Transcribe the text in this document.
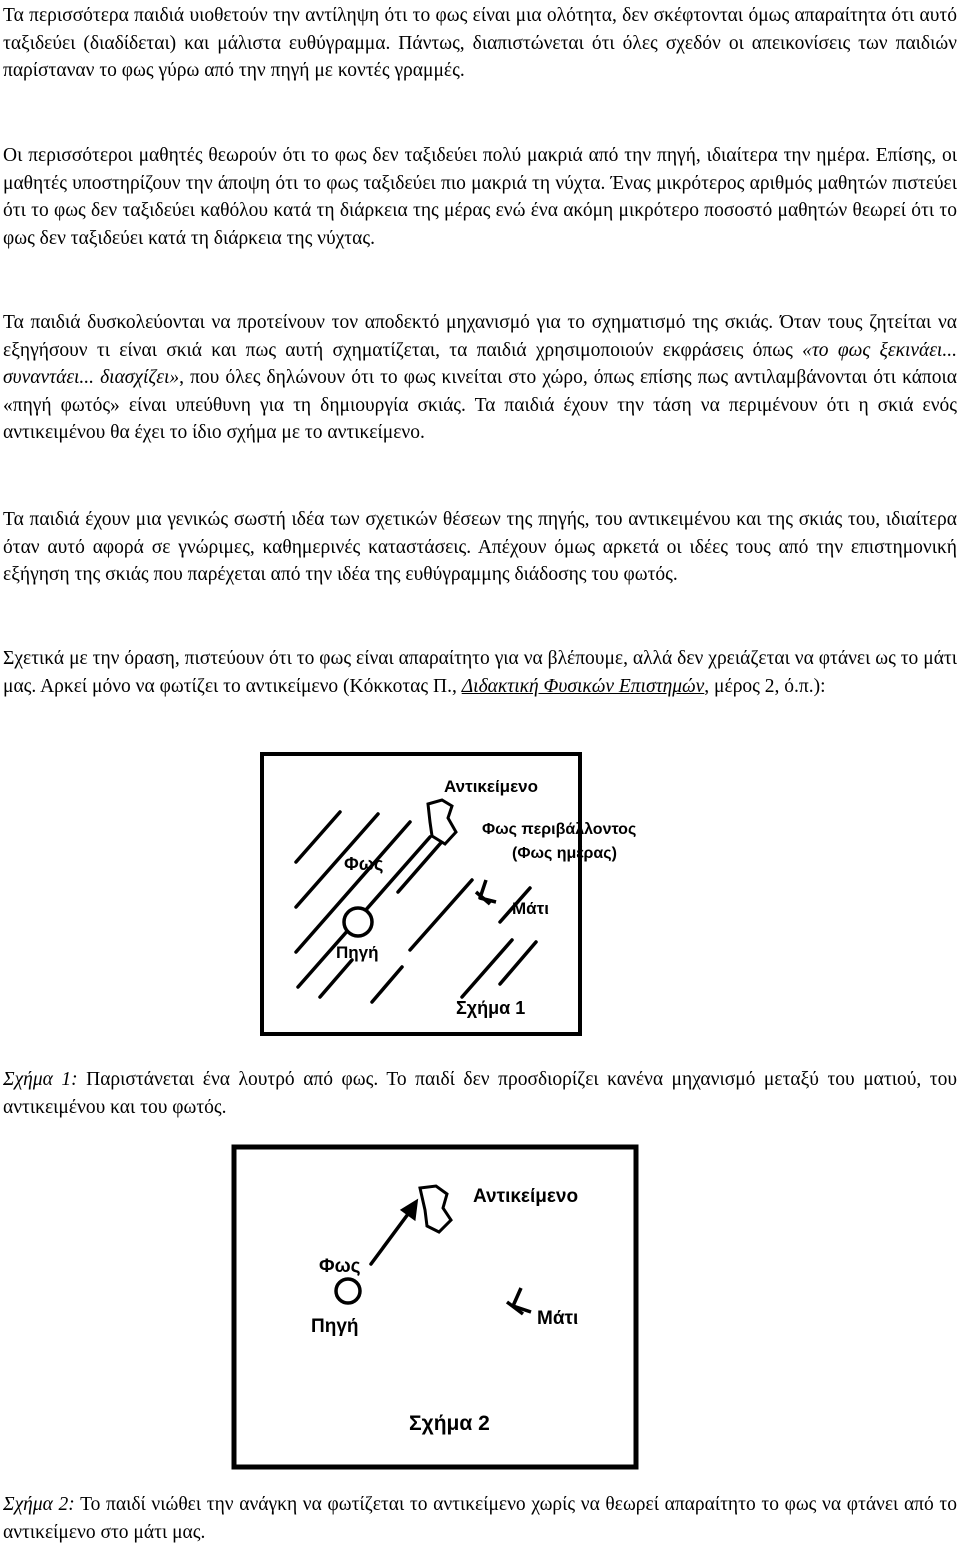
Τα περισσότερα παιδιά υιοθετούν την αντίληψη ότι το φως είναι μια ολότητα, δεν σκέφτονται όμως απαραίτητα ότι αυτό ταξιδεύει (διαδίδεται) και μάλιστα ευθύγραμμα. Πάντως, διαπιστώνεται ότι όλες σχεδόν οι απεικονίσεις των παιδιών παρίσταναν το φως γύρω από την πηγή με κοντές γραμμές.

Οι περισσότεροι μαθητές θεωρούν ότι το φως δεν ταξιδεύει πολύ μακριά από την πηγή, ιδιαίτερα την ημέρα. Επίσης, οι μαθητές υποστηρίζουν την άποψη ότι το φως ταξιδεύει πιο μακριά τη νύχτα. Ένας μικρότερος αριθμός μαθητών πιστεύει ότι το φως δεν ταξιδεύει καθόλου κατά τη διάρκεια της μέρας ενώ ένα ακόμη μικρότερο ποσοστό μαθητών θεωρεί ότι το φως δεν ταξιδεύει κατά τη διάρκεια της νύχτας.

Τα παιδιά δυσκολεύονται να προτείνουν τον αποδεκτό μηχανισμό για το σχηματισμό της σκιάς. Όταν τους ζητείται να εξηγήσουν τι είναι σκιά και πως αυτή σχηματίζεται, τα παιδιά χρησιμοποιούν εκφράσεις όπως «το φως ξεκινάει... συναντάει... διασχίζει», που όλες δηλώνουν ότι το φως κινείται στο χώρο, όπως επίσης πως αντιλαμβάνονται ότι κάποια «πηγή φωτός» είναι υπεύθυνη για τη δημιουργία σκιάς. Τα παιδιά έχουν την τάση να περιμένουν ότι η σκιά ενός αντικειμένου θα έχει το ίδιο σχήμα με το αντικείμενο.

Τα παιδιά έχουν μια γενικώς σωστή ιδέα των σχετικών θέσεων της πηγής, του αντικειμένου και της σκιάς του, ιδιαίτερα όταν αυτό αφορά σε γνώριμες, καθημερινές καταστάσεις. Απέχουν όμως αρκετά οι ιδέες τους από την επιστημονική εξήγηση της σκιάς που παρέχεται από την ιδέα της ευθύγραμμης διάδοσης του φωτός.

Σχετικά με την όραση, πιστεύουν ότι το φως είναι απαραίτητο για να βλέπουμε, αλλά δεν χρειάζεται να φτάνει ως το μάτι μας. Αρκεί μόνο να φωτίζει το αντικείμενο (Κόκκοτας Π., Διδακτική Φυσικών Επιστημών, μέρος 2, ό.π.):

Αντικείμενο
Φως περιβάλλοντος
(Φως ημέρας)
Φως
Μάτι
Πηγή
Σχήμα 1

Σχήμα 1: Παριστάνεται ένα λουτρό από φως. Το παιδί δεν προσδιορίζει κανένα μηχανισμό μεταξύ του ματιού, του αντικειμένου και του φωτός.

Αντικείμενο
Φως
Μάτι
Πηγή
Σχήμα 2

Σχήμα 2: Το παιδί νιώθει την ανάγκη να φωτίζεται το αντικείμενο χωρίς να θεωρεί απαραίτητο το φως να φτάνει από το αντικείμενο στο μάτι μας.
